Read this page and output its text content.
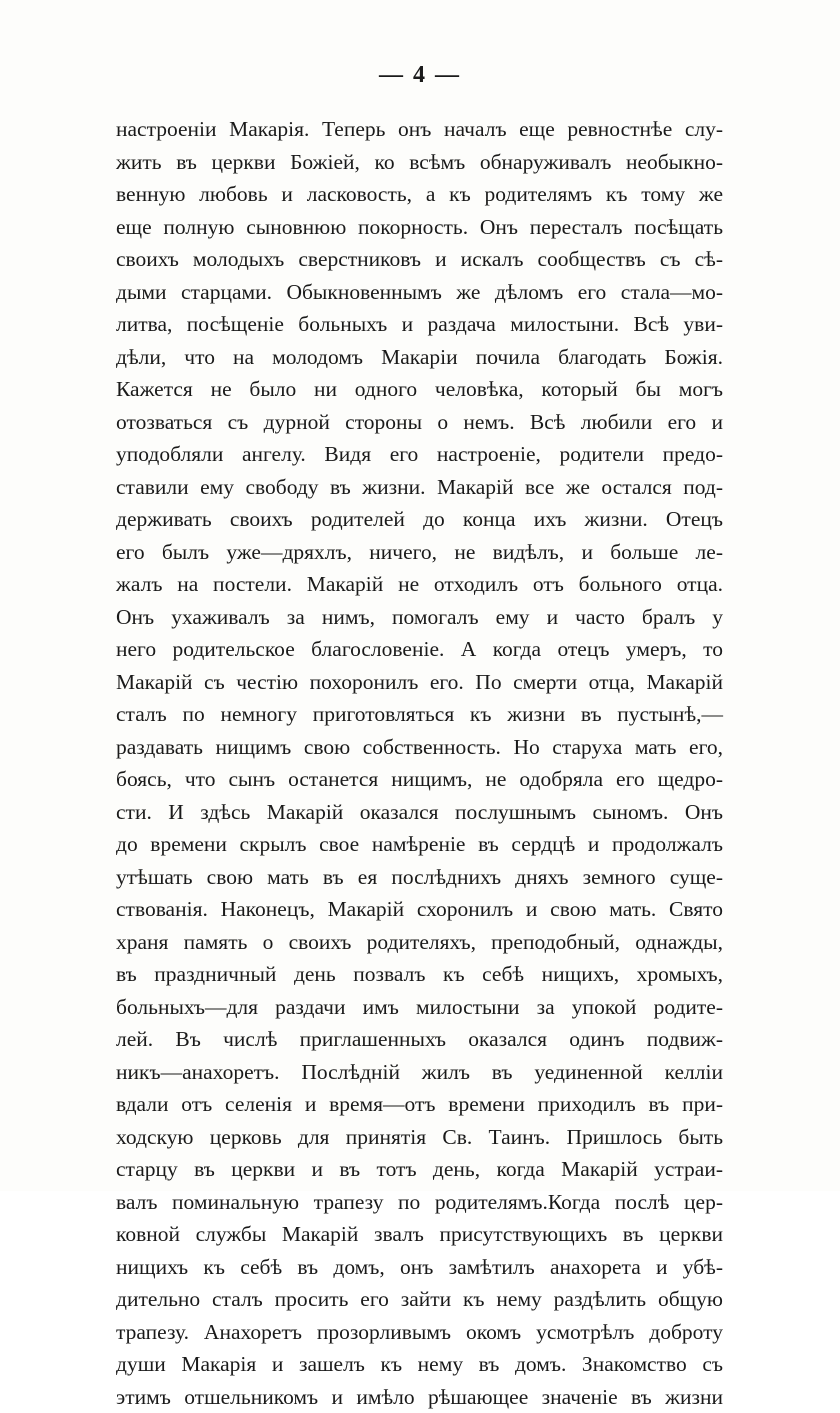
— 4 —
настроенiи Макарiя. Теперь онъ началъ еще ревностнѣе слу-
жить въ церкви Божiей, ко всѣмъ обнаруживалъ необыкно-
венную любовь и ласковость, а къ родителямъ къ тому же
еще полную сыновнюю покорность. Онъ пересталъ посѣщать
своихъ молодыхъ сверстниковъ и искалъ сообществъ съ сѣ-
дыми старцами. Обыкновеннымъ же дѣломъ его стала—мо-
литва, посѣщенiе больныхъ и раздача милостыни. Всѣ уви-
дѣли, что на молодомъ Макарiи почила благодать Божiя.
Кажется не было ни одного человѣка, который бы могъ
отозваться съ дурной стороны о немъ. Всѣ любили его и
уподобляли ангелу. Видя его настроенiе, родители предо-
ставили ему свободу въ жизни. Макарiй все же остался под-
держивать своихъ родителей до конца ихъ жизни. Отецъ
его былъ уже—дряхлъ, ничего, не видѣлъ, и больше ле-
жалъ на постели. Макарiй не отходилъ отъ больного отца.
Онъ ухаживалъ за нимъ, помогалъ ему и часто бралъ у
него родительское благословенiе. А когда отецъ умеръ, то
Макарiй съ честiю похоронилъ его. По смерти отца, Макарiй
сталъ по немногу приготовляться къ жизни въ пустынѣ,—
раздавать нищимъ свою собственность. Но старуха мать его,
боясь, что сынъ останется нищимъ, не одобряла его щедро-
сти. И здѣсь Макарiй оказался послушнымъ сыномъ. Онъ
до времени скрылъ свое намѣренiе въ сердцѣ и продолжалъ
утѣшать свою мать въ ея послѣднихъ дняхъ земного суще-
ствованiя. Наконецъ, Макарiй схоронилъ и свою мать. Свято
храня память о своихъ родителяхъ, преподобный, однажды,
въ праздничный день позвалъ къ себѣ нищихъ, хромыхъ,
больныхъ—для раздачи имъ милостыни за упокой родите-
лей. Въ числѣ приглашенныхъ оказался одинъ подвиж-
никъ—анахоретъ. Послѣднiй жилъ въ уединенной келлiи
вдали отъ селенiя и время—отъ времени приходилъ въ при-
ходскую церковь для принятiя Св. Таинъ. Пришлось быть
старцу въ церкви и въ тотъ день, когда Макарiй устраи-
валъ поминальную трапезу по родителямъ.Когда послѣ цер-
ковной службы Макарiй звалъ присутствующихъ въ церкви
нищихъ къ себѣ въ домъ, онъ замѣтилъ анахорета и убѣ-
дительно сталъ просить его зайти къ нему раздѣлить общую
трапезу. Анахоретъ прозорливымъ окомъ усмотрѣлъ доброту
души Макарiя и зашелъ къ нему въ домъ. Знакомство съ
этимъ отшельникомъ и имѣло рѣшающее значенiе въ жизни
